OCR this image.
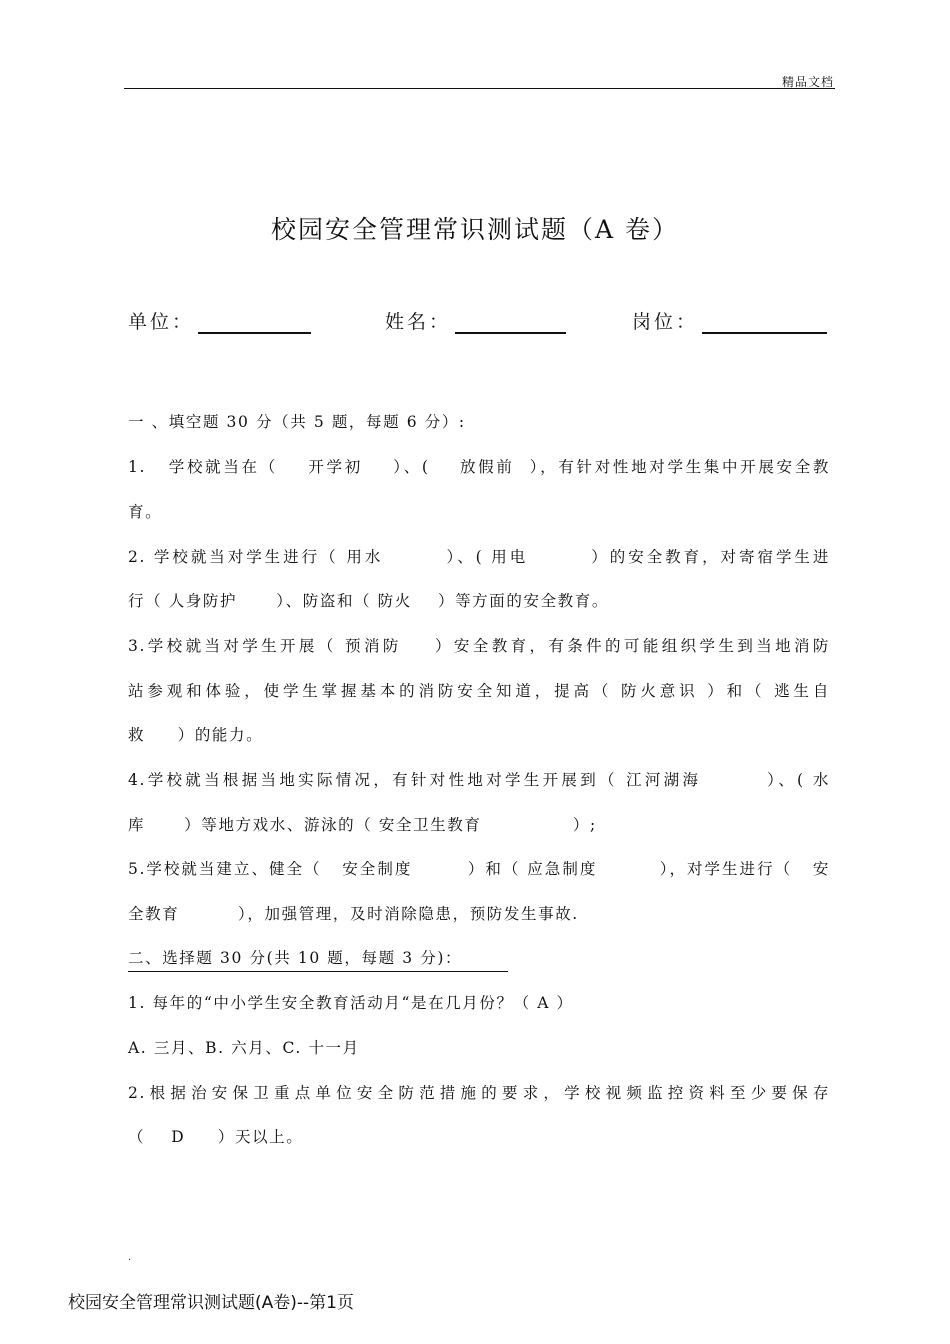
精品文档
校园安全管理常识测试题（A 卷）
单位：	姓名：	岗位：
一 、填空题 30 分（共 5 题，每题 6 分）:
1.   学校就当在（    开学初    ）、(    放假前  ），有针对性地对学生集中开展安全教
育。
2. 学校就当对学生进行（ 用水        ）、( 用电        ）的安全教育，对寄宿学生进
行（ 人身防护      ）、防盗和（ 防火    ）等方面的安全教育。
3.学校就当对学生开展（ 预消防    ）安全教育，有条件的可能组织学生到当地消防
站参观和体验，使学生掌握基本的消防安全知道，提高（ 防火意识 ）和（ 逃生自
救     ）的能力。
4.学校就当根据当地实际情况，有针对性地对学生开展到（ 江河湖海        ）、( 水
库      ）等地方戏水、游泳的（ 安全卫生教育              ）;
5.学校就当建立、健全（   安全制度        ）和（ 应急制度         ），对学生进行（   安
全教育         ），加强管理，及时消除隐患，预防发生事故.
二、选择题 30 分(共 10 题，每题 3 分)：
1. 每年的“中小学生安全教育活动月“是在几月份？（ A ）
A. 三月、B. 六月、C. 十一月
2.根据治安保卫重点单位安全防范措施的要求，学校视频监控资料至少要保存
（    D     ）天以上。
.
校园安全管理常识测试题(A卷)--第1页
